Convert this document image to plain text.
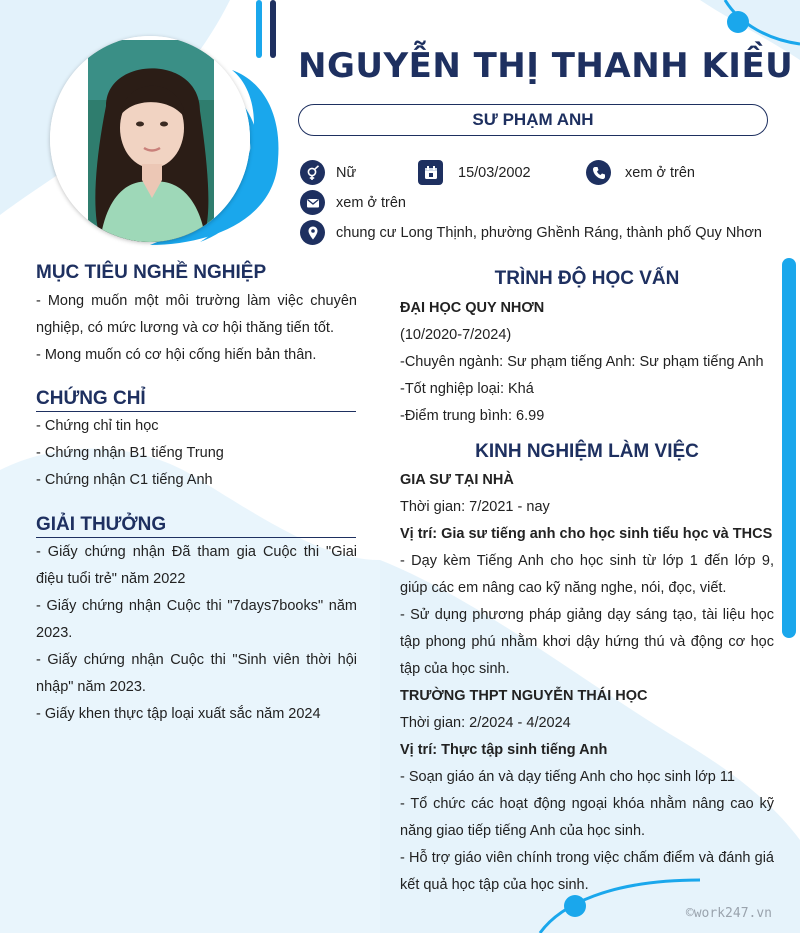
NGUYỄN THỊ THANH KIỀU
SƯ PHẠM ANH
Nữ	15/03/2002	xem ở trên
xem ở trên
chung cư Long Thịnh, phường Ghềnh Ráng, thành phố Quy Nhơn
MỤC TIÊU NGHỀ NGHIỆP
- Mong muốn một môi trường làm việc chuyên nghiệp, có mức lương và cơ hội thăng tiến tốt.
- Mong muốn có cơ hội cống hiến bản thân.
CHỨNG CHỈ
- Chứng chỉ tin học
- Chứng nhận B1 tiếng Trung
- Chứng nhận C1 tiếng Anh
GIẢI THƯỞNG
- Giấy chứng nhận Đã tham gia Cuộc thi "Giai điệu tuổi trẻ" năm 2022
- Giấy chứng nhận Cuộc thi "7days7books" năm 2023.
- Giấy chứng nhận Cuộc thi "Sinh viên thời hội nhập" năm 2023.
- Giấy khen thực tập loại xuất sắc năm 2024
TRÌNH ĐỘ HỌC VẤN
ĐẠI HỌC QUY NHƠN
(10/2020-7/2024)
-Chuyên ngành: Sư phạm tiếng Anh: Sư phạm tiếng Anh
-Tốt nghiệp loại: Khá
-Điểm trung bình: 6.99
KINH NGHIỆM LÀM VIỆC
GIA SƯ TẠI NHÀ
Thời gian: 7/2021 - nay
Vị trí: Gia sư tiếng anh cho học sinh tiểu học và THCS
- Dạy kèm Tiếng Anh cho học sinh từ lớp 1 đến lớp 9, giúp các em nâng cao kỹ năng nghe, nói, đọc, viết.
- Sử dụng phương pháp giảng dạy sáng tạo, tài liệu học tập phong phú nhằm khơi dậy hứng thú và động cơ học tập của học sinh.
TRƯỜNG THPT NGUYỄN THÁI HỌC
Thời gian: 2/2024 - 4/2024
Vị trí: Thực tập sinh tiếng Anh
- Soạn giáo án và dạy tiếng Anh cho học sinh lớp 11
- Tổ chức các hoạt động ngoại khóa nhằm nâng cao kỹ năng giao tiếp tiếng Anh của học sinh.
- Hỗ trợ giáo viên chính trong việc chấm điểm và đánh giá kết quả học tập của học sinh.
©work247.vn
